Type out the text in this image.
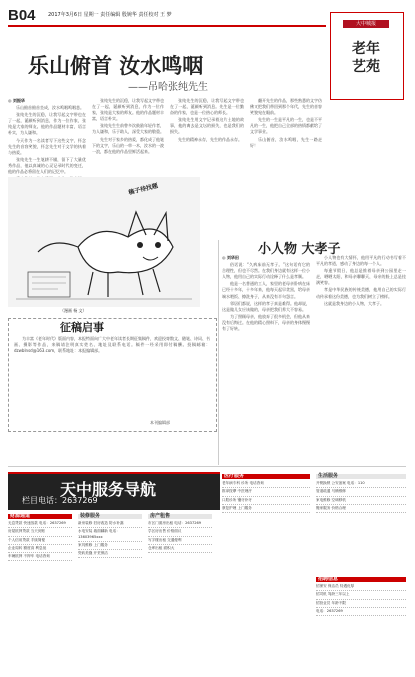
B04 2017年3月6日 星期一 责任编辑 殷婉华 责任校对 王 梦
大中城报
老年
艺苑
乐山俯首 汝水鸣咽
——吊哈张纯先生

◎ 刘振华

乐山俯首俯首坐成，汝水鸣咽鸣咽悲。

张纯先生的沉稳，让我写起文字带也在了一起，诞颜听到消息，作为一位作家，张纯是大家的师友。他的作品题材丰富，语言朴实，为人谦和。

今天作为一名读者写下这些文字，怀念先生的音容笑貌，怀念先生对于文学的执着与热爱。

张纯先生一生笔耕不辍，留下了大量优秀作品，他以真诚的心灵记录时代的变迁，他的作品必将留在人们的记忆中。

张纯先生的沉稳，让我写起文字带也在了一起，诞颜听到消息，作为一位作家，张纯是大家的师友。他的作品题材丰富，语言朴实。

张纯先生生前曾多次鼓励年轻作者，为人谦和，乐于助人，深受大家的敬重。

先生对于家乡的热爱，都化成了他笔下的文字，乐山的一草一木，汝水的一波一浪，都在他的作品里鲜活起来。

张纯先生的沉稳，让我写起文字带也在了一起，诞颜听到消息。先生是一位勤奋的作家，也是一位热心的师长。

张纯先生用文字记录着这片土地的故事，他的离去是文坛的损失，也是我们的损失。

先生的精神永存，先生的作品永存。

翻开先生的作品，那些熟悉的文字仿佛又把我们带回到那个年代，先生的音容笑貌宛在眼前。

先生的一生是平凡的一生，也是不平凡的一生，他把自己全部的热情都献给了文学事业。

乐山俯首，汝水鸣咽，先生一路走好！

稿子待找题
（漫画 杨 文）
小人物 大孝子

◎ 刘华田

俗话说：“久病床前无孝子。”这句话有它的合理性，但也不尽然。在我们身边就有这样一位小人物，他用自己的实际行动诠释了什么是孝顺。

他是一名普通的工人，家里的老母亲卧病在床已经十多年，十多年来，他每天起早贪黑，给母亲端水喂饭、擦洗身子，从来没有半句怨言。

邻居们都说，这样的孝子真是难得。他却说，这是做儿女应该做的，母亲把我们养大不容易。

为了照顾母亲，他放弃了很多机会，但他从来没有后悔过。在他的精心照料下，母亲的身体慢慢有了好转。

小人物也有大情怀，他用平凡的行动书写着不平凡的孝道，感动了身边的每一个人。

每逢节假日，他总是推着母亲到公园里走一走，晒晒太阳，和母亲聊聊天，母亲的脸上总是挂满笑容。

孝是中华民族的传统美德，他用自己的实际行动传承着这份美德，也为我们树立了榜样。

这就是我身边的小人物，大孝子。

征稿启事
为丰富《老年时代》版面内容，本报特面向广大中老年读者长期征集稿件，欢迎投寄散文、随笔、诗词、书画、摄影等作品，来稿请注明真实姓名、地址及联系电话。稿件一经采用即付稿酬。投稿邮箱：dzwblnsd@163.com，联系地址：本报编辑部。
本刊编辑部
天中服务导航
栏目电话：2637269
财源通道
无息贷款 快速放款 电话：2637269
房屋抵押贷款 当天到账
个人信用贷款 手续简便
企业周转 额度高 利息低
车辆抵押 不押车 电话咨询
装修服务
新房装修 旧房改造 防水补漏
水电安装 墙面翻新 电话：13603965xxx
家具维修 上门服务
瓷砖美缝 开荒保洁
房产租售
市区门面房出租 电话：2637269
学区房出售 价格面议
写字楼出租 交通便利
仓库出租 面积大
医疗服务
老年病专科 诊所 电话咨询
推拿按摩 中医理疗
口腔诊所 镶牙补牙
康复护理 上门服务
生活服务
开锁换锁 公安备案 电话：110
管道疏通 马桶维修
家电维修 空调移机
搬家服务 价格合理
招聘信息
招保安 保洁员 待遇优厚
招司机 驾龄三年以上
招营业员 年龄不限
电话：2637269
